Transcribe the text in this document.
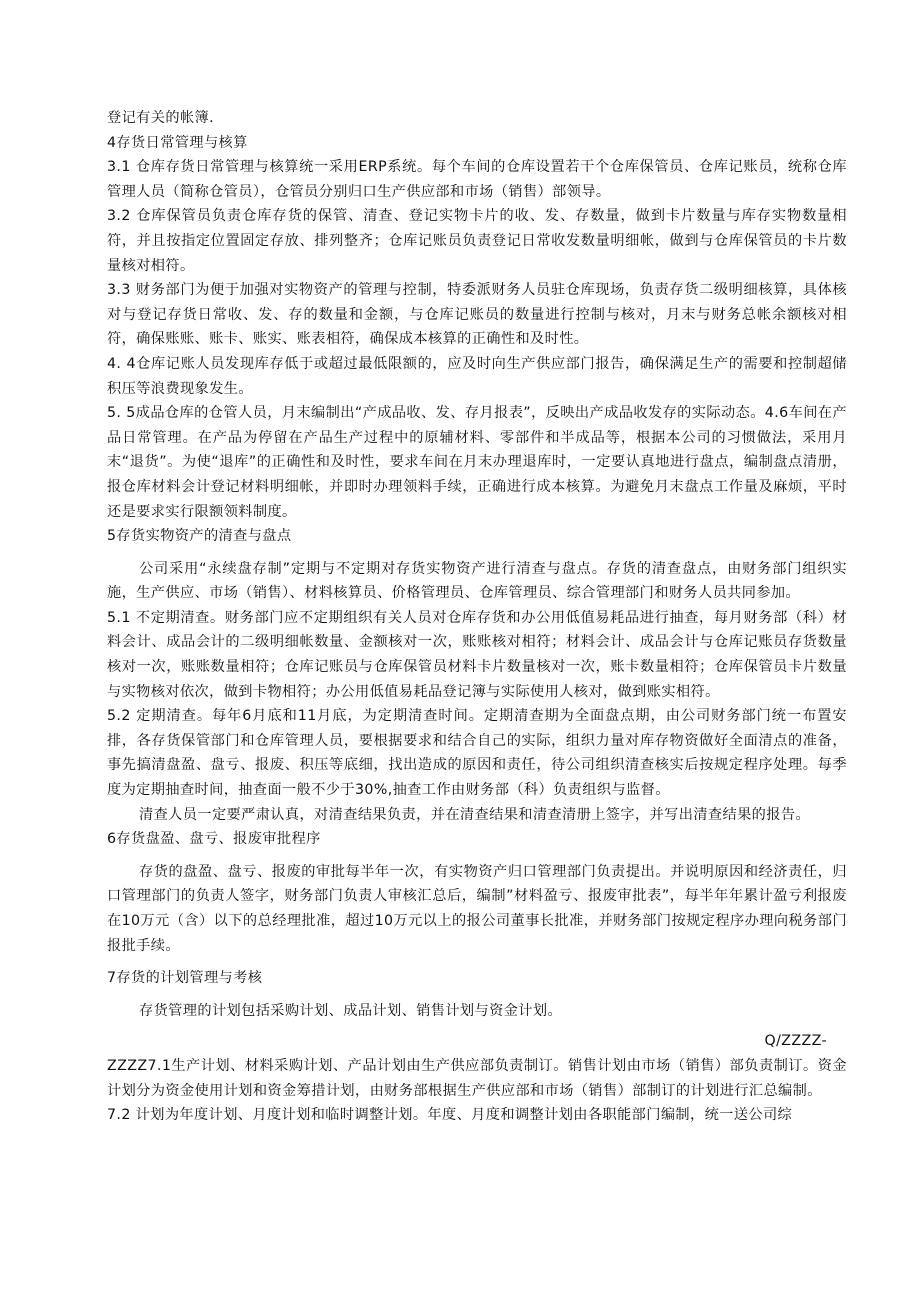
登记有关的帐簿.

4存货日常管理与核算

3.1 仓库存货日常管理与核算统一采用ERP系统。每个车间的仓库设置若干个仓库保管员、仓库记账员，统称仓库管理人员（简称仓管员），仓管员分别归口生产供应部和市场（销售）部领导。

3.2 仓库保管员负责仓库存货的保管、清查、登记实物卡片的收、发、存数量，做到卡片数量与库存实物数量相符，并且按指定位置固定存放、排列整齐；仓库记账员负责登记日常收发数量明细帐，做到与仓库保管员的卡片数量核对相符。

3.3 财务部门为便于加强对实物资产的管理与控制，特委派财务人员驻仓库现场，负责存货二级明细核算，具体核对与登记存货日常收、发、存的数量和金额，与仓库记账员的数量进行控制与核对，月末与财务总帐余额核对相符，确保账账、账卡、账实、账表相符，确保成本核算的正确性和及时性。

4. 4仓库记账人员发现库存低于或超过最低限额的，应及时向生产供应部门报告，确保满足生产的需要和控制超储积压等浪费现象发生。

5. 5成品仓库的仓管人员，月末编制出“产成品收、发、存月报表”，反映出产成品收发存的实际动态。4.6车间在产品日常管理。在产品为停留在产品生产过程中的原辅材料、零部件和半成品等，根据本公司的习惯做法，采用月末“退货”。为使“退库”的正确性和及时性，要求车间在月末办理退库时，一定要认真地进行盘点，编制盘点清册，报仓库材料会计登记材料明细帐，并即时办理领料手续，正确进行成本核算。为避免月末盘点工作量及麻烦，平时还是要求实行限额领料制度。

5存货实物资产的清查与盘点

公司采用“永续盘存制”定期与不定期对存货实物资产进行清查与盘点。存货的清查盘点，由财务部门组织实施，生产供应、市场（销售）、材料核算员、价格管理员、仓库管理员、综合管理部门和财务人员共同参加。

5.1 不定期清查。财务部门应不定期组织有关人员对仓库存货和办公用低值易耗品进行抽查，每月财务部（科）材料会计、成品会计的二级明细帐数量、金额核对一次，账账核对相符；材料会计、成品会计与仓库记账员存货数量核对一次，账账数量相符；仓库记账员与仓库保管员材料卡片数量核对一次，账卡数量相符；仓库保管员卡片数量与实物核对依次，做到卡物相符；办公用低值易耗品登记簿与实际使用人核对，做到账实相符。

5.2 定期清查。每年6月底和11月底，为定期清查时间。定期清查期为全面盘点期，由公司财务部门统一布置安排，各存货保管部门和仓库管理人员，要根据要求和结合自己的实际，组织力量对库存物资做好全面清点的准备，事先搞清盘盈、盘亏、报废、积压等底细，找出造成的原因和责任，待公司组织清查核实后按规定程序处理。每季度为定期抽查时间，抽查面一般不少于30%,抽查工作由财务部（科）负责组织与监督。

清查人员一定要严肃认真，对清查结果负责，并在清查结果和清查清册上签字，并写出清查结果的报告。

6存货盘盈、盘亏、报废审批程序

存货的盘盈、盘亏、报废的审批每半年一次，有实物资产归口管理部门负责提出。并说明原因和经济责任，归口管理部门的负责人签字，财务部门负责人审核汇总后，编制”材料盈亏、报废审批表”，每半年年累计盈亏利报废在10万元（含）以下的总经理批准，超过10万元以上的报公司董事长批准，并财务部门按规定程序办理向税务部门报批手续。

7存货的计划管理与考核

存货管理的计划包括采购计划、成品计划、销售计划与资金计划。

Q/ZZZZ-

ZZZZ7.1生产计划、材料采购计划、产品计划由生产供应部负责制订。销售计划由市场（销售）部负责制订。资金计划分为资金使用计划和资金筹措计划，由财务部根据生产供应部和市场（销售）部制订的计划进行汇总编制。

7.2 计划为年度计划、月度计划和临时调整计划。年度、月度和调整计划由各职能部门编制，统一送公司综
